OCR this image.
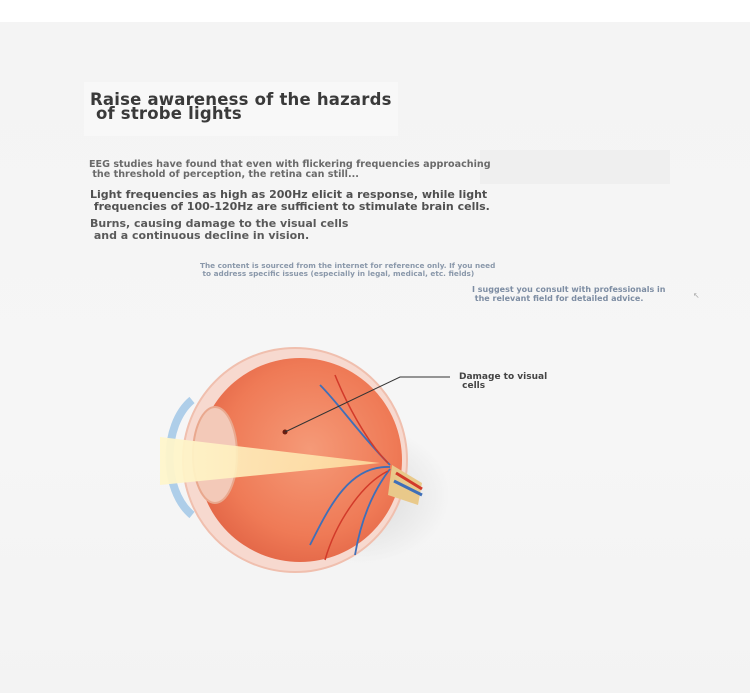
Raise awareness of the hazards
of strobe lights
EEG studies have found that even with flickering frequencies approaching
the threshold of perception, the retina can still...
Light frequencies as high as 200Hz elicit a response, while light
frequencies of 100-120Hz are sufficient to stimulate brain cells.
Burns, causing damage to the visual cells
and a continuous decline in vision.
The content is sourced from the internet for reference only. If you need
to address specific issues (especially in legal, medical, etc. fields)
I suggest you consult with professionals in
the relevant field for detailed advice.	↖
Damage to visual
cells
